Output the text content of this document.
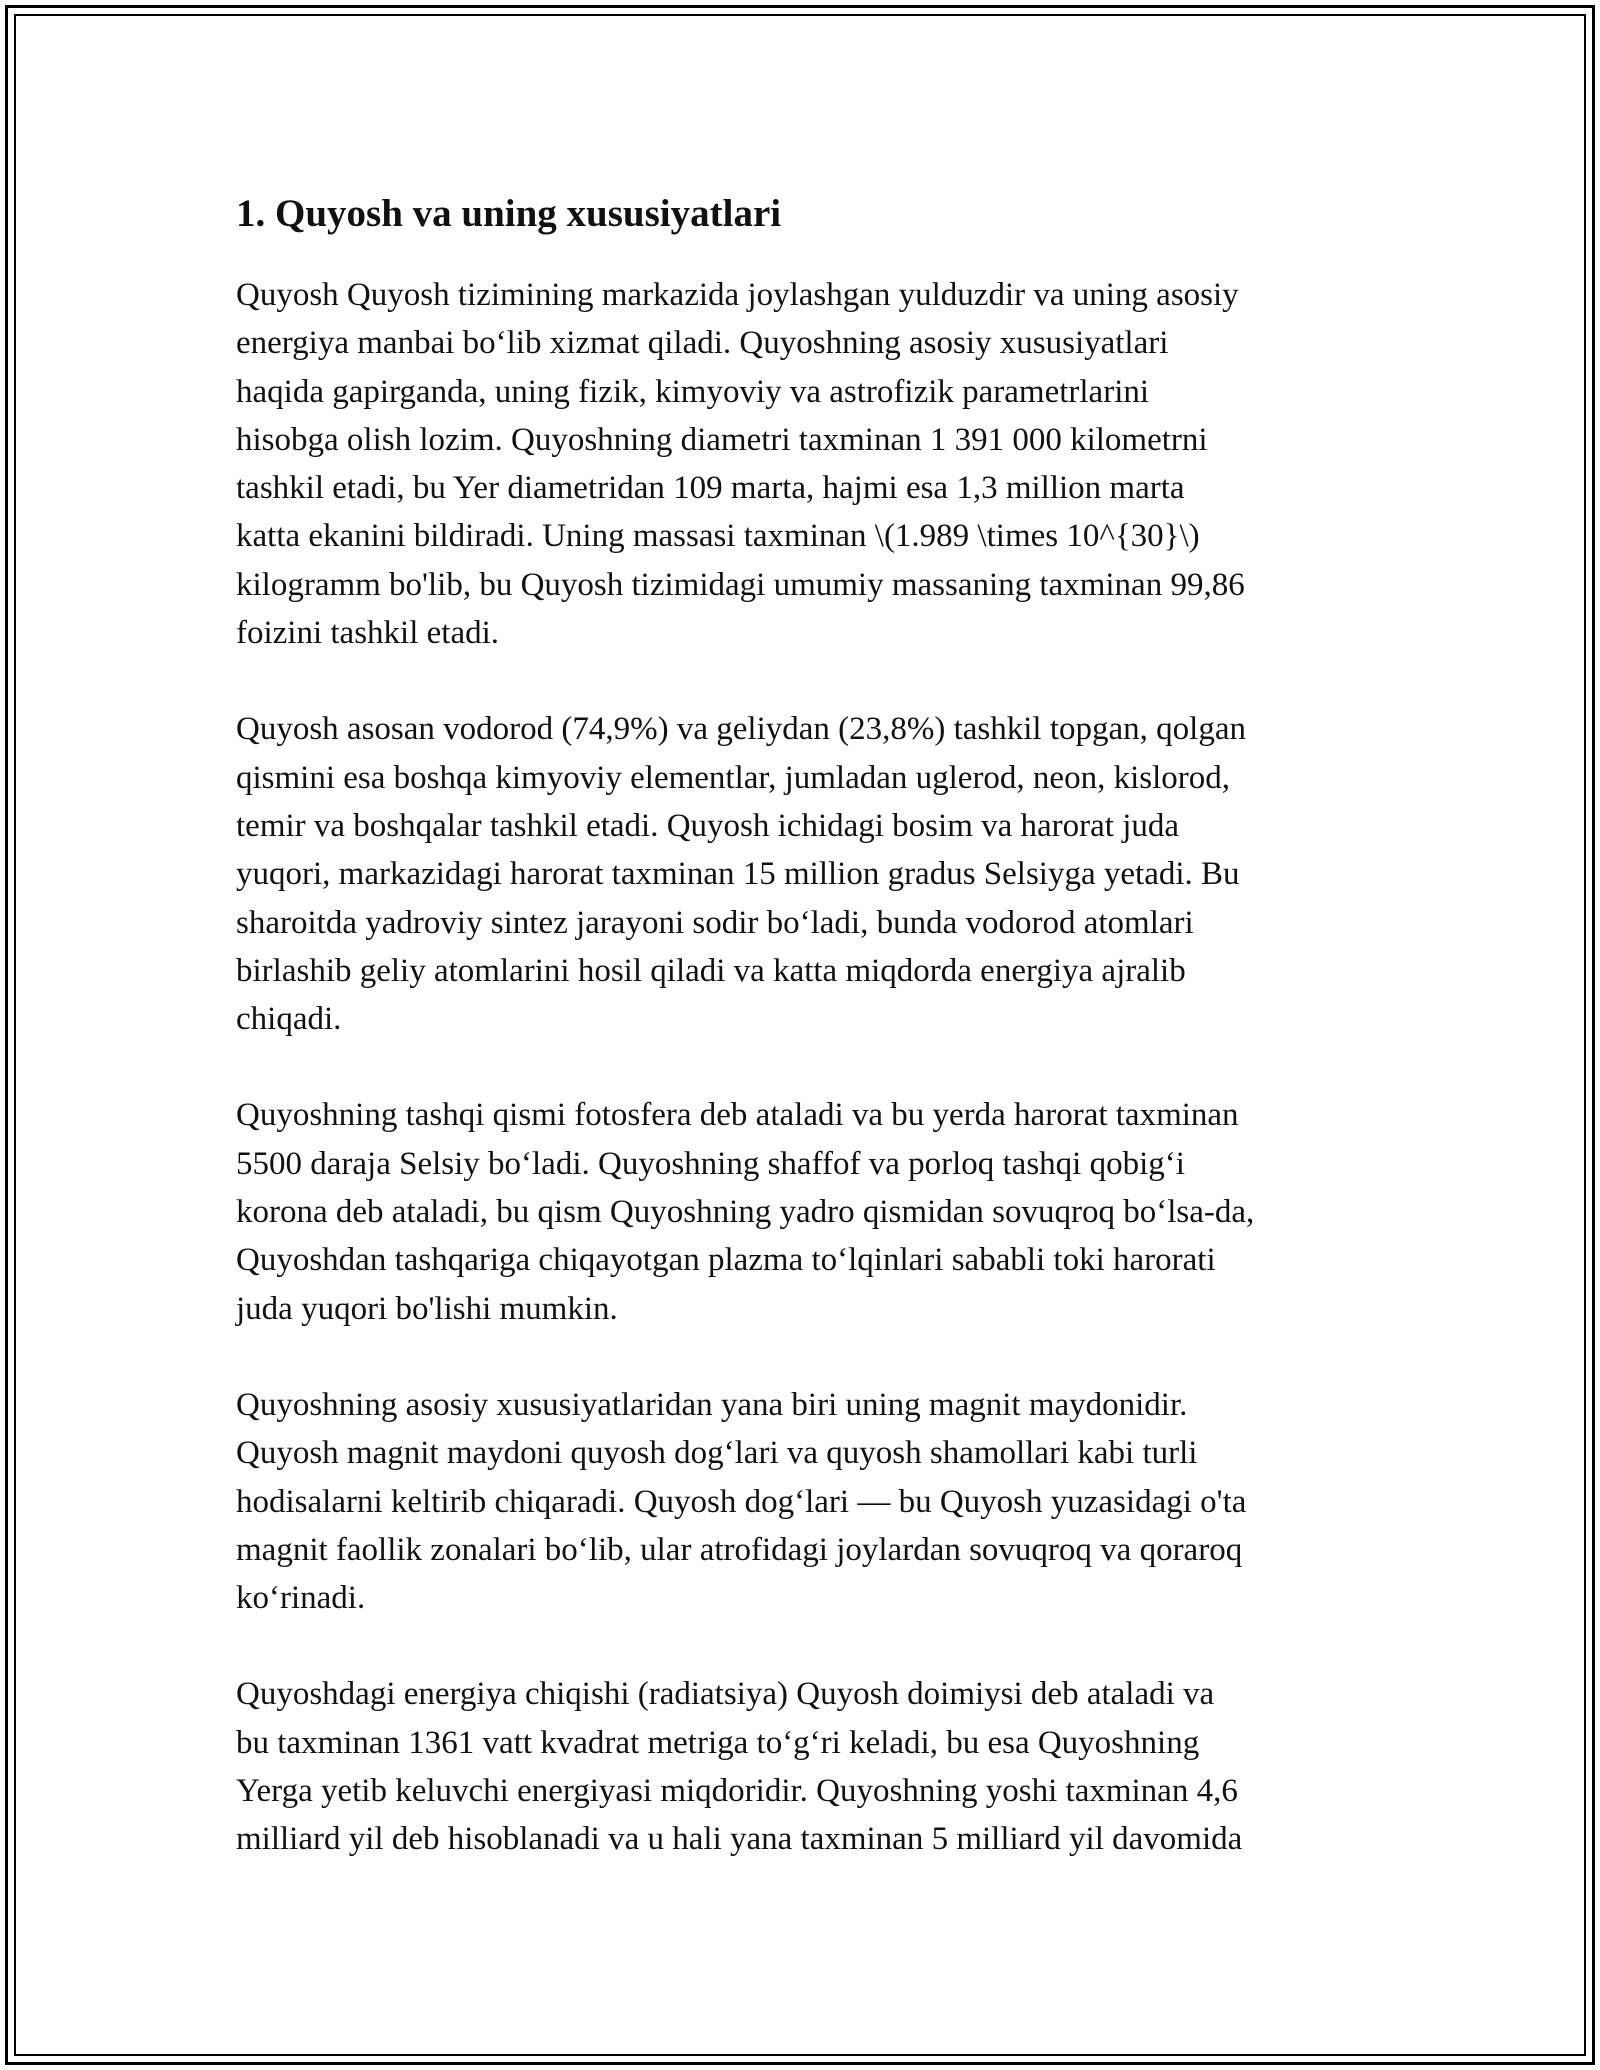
1. Quyosh va uning xususiyatlari

Quyosh Quyosh tizimining markazida joylashgan yulduzdir va uning asosiy
energiya manbai bo‘lib xizmat qiladi. Quyoshning asosiy xususiyatlari
haqida gapirganda, uning fizik, kimyoviy va astrofizik parametrlarini
hisobga olish lozim. Quyoshning diametri taxminan 1 391 000 kilometrni
tashkil etadi, bu Yer diametridan 109 marta, hajmi esa 1,3 million marta
katta ekanini bildiradi. Uning massasi taxminan \(1.989 \times 10^{30}\)
kilogramm bo'lib, bu Quyosh tizimidagi umumiy massaning taxminan 99,86
foizini tashkil etadi.

Quyosh asosan vodorod (74,9%) va geliydan (23,8%) tashkil topgan, qolgan
qismini esa boshqa kimyoviy elementlar, jumladan uglerod, neon, kislorod,
temir va boshqalar tashkil etadi. Quyosh ichidagi bosim va harorat juda
yuqori, markazidagi harorat taxminan 15 million gradus Selsiyga yetadi. Bu
sharoitda yadroviy sintez jarayoni sodir bo‘ladi, bunda vodorod atomlari
birlashib geliy atomlarini hosil qiladi va katta miqdorda energiya ajralib
chiqadi.

Quyoshning tashqi qismi fotosfera deb ataladi va bu yerda harorat taxminan
5500 daraja Selsiy bo‘ladi. Quyoshning shaffof va porloq tashqi qobig‘i
korona deb ataladi, bu qism Quyoshning yadro qismidan sovuqroq bo‘lsa-da,
Quyoshdan tashqariga chiqayotgan plazma to‘lqinlari sababli toki harorati
juda yuqori bo'lishi mumkin.

Quyoshning asosiy xususiyatlaridan yana biri uning magnit maydonidir.
Quyosh magnit maydoni quyosh dog‘lari va quyosh shamollari kabi turli
hodisalarni keltirib chiqaradi. Quyosh dog‘lari — bu Quyosh yuzasidagi o'ta
magnit faollik zonalari bo‘lib, ular atrofidagi joylardan sovuqroq va qoraroq
ko‘rinadi.

Quyoshdagi energiya chiqishi (radiatsiya) Quyosh doimiysi deb ataladi va
bu taxminan 1361 vatt kvadrat metriga to‘g‘ri keladi, bu esa Quyoshning
Yerga yetib keluvchi energiyasi miqdoridir. Quyoshning yoshi taxminan 4,6
milliard yil deb hisoblanadi va u hali yana taxminan 5 milliard yil davomida
